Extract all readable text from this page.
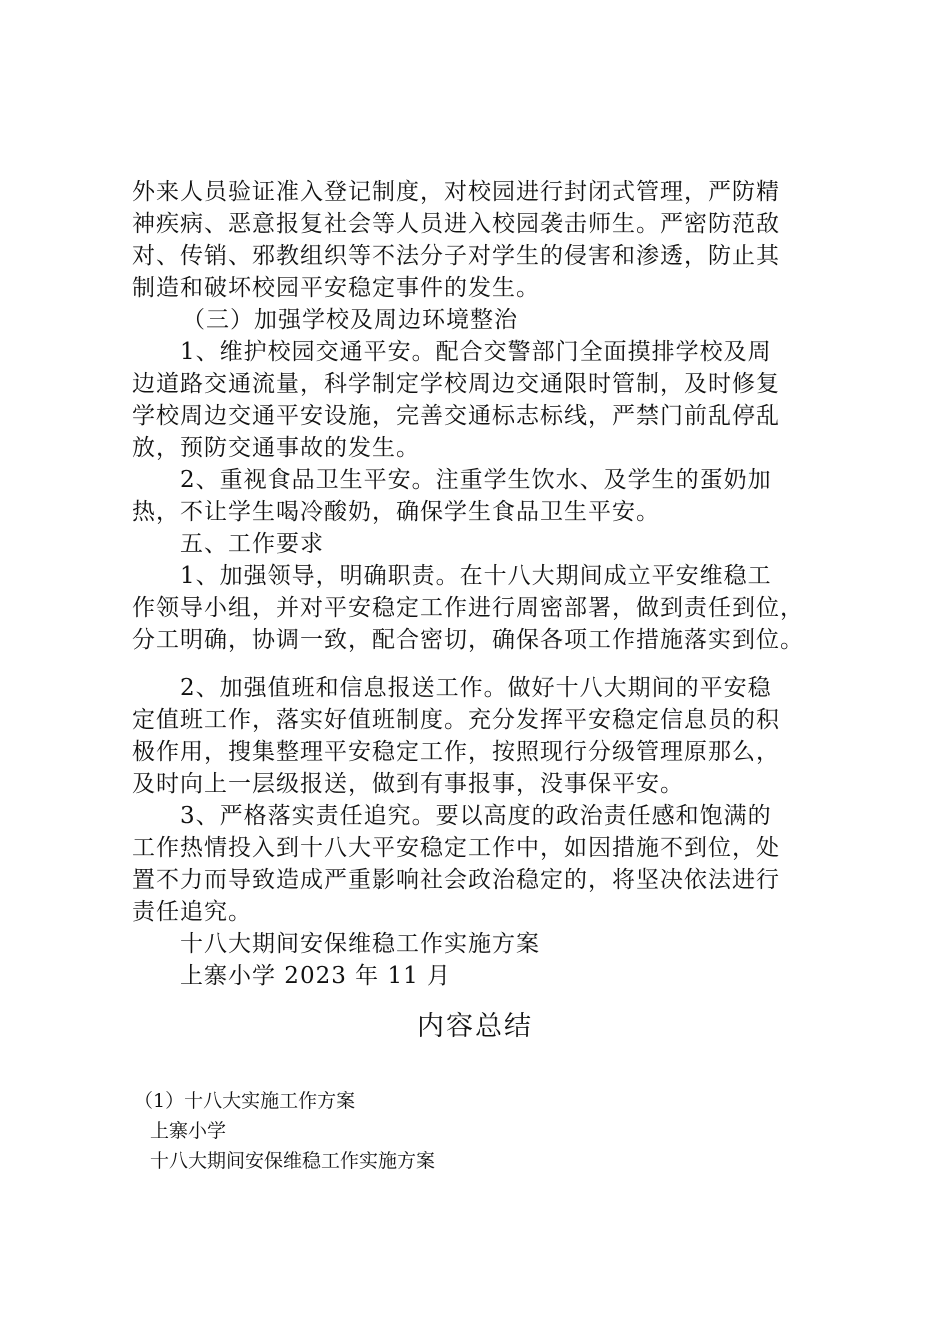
外来人员验证准入登记制度，对校园进行封闭式管理，严防精
神疾病、恶意报复社会等人员进入校园袭击师生。严密防范敌
对、传销、邪教组织等不法分子对学生的侵害和渗透，防止其
制造和破坏校园平安稳定事件的发生。
（三）加强学校及周边环境整治
1、维护校园交通平安。配合交警部门全面摸排学校及周
边道路交通流量，科学制定学校周边交通限时管制，及时修复
学校周边交通平安设施，完善交通标志标线，严禁门前乱停乱
放，预防交通事故的发生。
2、重视食品卫生平安。注重学生饮水、及学生的蛋奶加
热，不让学生喝冷酸奶，确保学生食品卫生平安。
五、工作要求
1、加强领导，明确职责。在十八大期间成立平安维稳工
作领导小组，并对平安稳定工作进行周密部署，做到责任到位，
分工明确，协调一致，配合密切，确保各项工作措施落实到位。
2、加强值班和信息报送工作。做好十八大期间的平安稳
定值班工作，落实好值班制度。充分发挥平安稳定信息员的积
极作用，搜集整理平安稳定工作，按照现行分级管理原那么，
及时向上一层级报送，做到有事报事，没事保平安。
3、严格落实责任追究。要以高度的政治责任感和饱满的
工作热情投入到十八大平安稳定工作中，如因措施不到位，处
置不力而导致造成严重影响社会政治稳定的，将坚决依法进行
责任追究。
十八大期间安保维稳工作实施方案
上寨小学 2023 年 11 月
内容总结
（1）十八大实施工作方案
上寨小学
十八大期间安保维稳工作实施方案
